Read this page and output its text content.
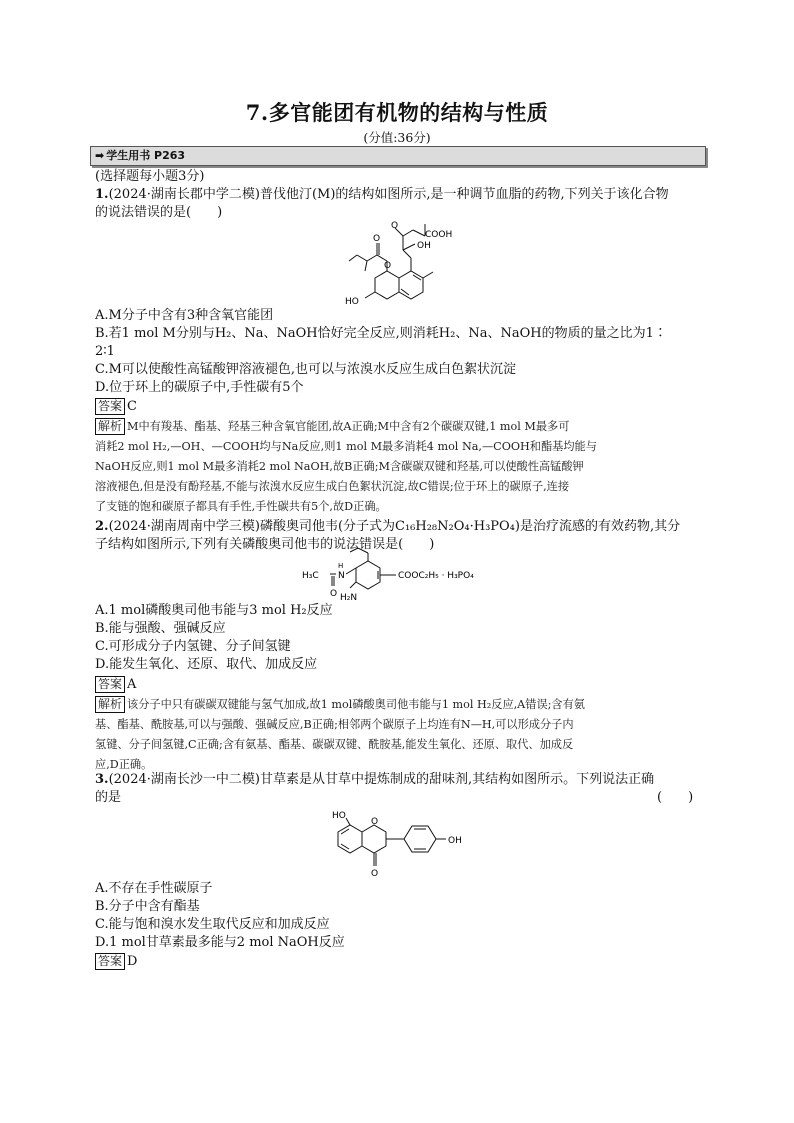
7.多官能团有机物的结构与性质
(分值:36分)
➡ 学生用书 P263
(选择题每小题3分)
1.(2024·湖南长郡中学二模)普伐他汀(M)的结构如图所示,是一种调节血脂的药物,下列关于该化合物
的说法错误的是(　　)
O
COOH
OH
O
O
HO
A.M分子中含有3种含氧官能团
B.若1 mol M分别与H₂、Na、NaOH恰好完全反应,则消耗H₂、Na、NaOH的物质的量之比为1∶
2∶1
C.M可以使酸性高锰酸钾溶液褪色,也可以与浓溴水反应生成白色絮状沉淀
D.位于环上的碳原子中,手性碳有5个
答案 C
解析 M中有羧基、酯基、羟基三种含氧官能团,故A正确;M中含有2个碳碳双键,1 mol M最多可
消耗2 mol H₂,—OH、—COOH均与Na反应,则1 mol M最多消耗4 mol Na,—COOH和酯基均能与
NaOH反应,则1 mol M最多消耗2 mol NaOH,故B正确;M含碳碳双键和羟基,可以使酸性高锰酸钾
溶液褪色,但是没有酚羟基,不能与浓溴水反应生成白色絮状沉淀,故C错误;位于环上的碳原子,连接
了支链的饱和碳原子都具有手性,手性碳共有5个,故D正确。
2.(2024·湖南周南中学三模)磷酸奥司他韦(分子式为C₁₆H₂₈N₂O₄·H₃PO₄)是治疗流感的有效药物,其分
子结构如图所示,下列有关磷酸奥司他韦的说法错误是(　　)
H₃C N
H
O H₂N
COOC₂H₅ · H₃PO₄
A.1 mol磷酸奥司他韦能与3 mol H₂反应
B.能与强酸、强碱反应
C.可形成分子内氢键、分子间氢键
D.能发生氧化、还原、取代、加成反应
答案 A
解析 该分子中只有碳碳双键能与氢气加成,故1 mol磷酸奥司他韦能与1 mol H₂反应,A错误;含有氨
基、酯基、酰胺基,可以与强酸、强碱反应,B正确;相邻两个碳原子上均连有N—H,可以形成分子内
氢键、分子间氢键,C正确;含有氨基、酯基、碳碳双键、酰胺基,能发生氧化、还原、取代、加成反
应,D正确。
3.(2024·湖南长沙一中二模)甘草素是从甘草中提炼制成的甜味剂,其结构如图所示。下列说法正确
的是	(　　)
HO
O
O
OH
A.不存在手性碳原子
B.分子中含有酯基
C.能与饱和溴水发生取代反应和加成反应
D.1 mol甘草素最多能与2 mol NaOH反应
答案 D
